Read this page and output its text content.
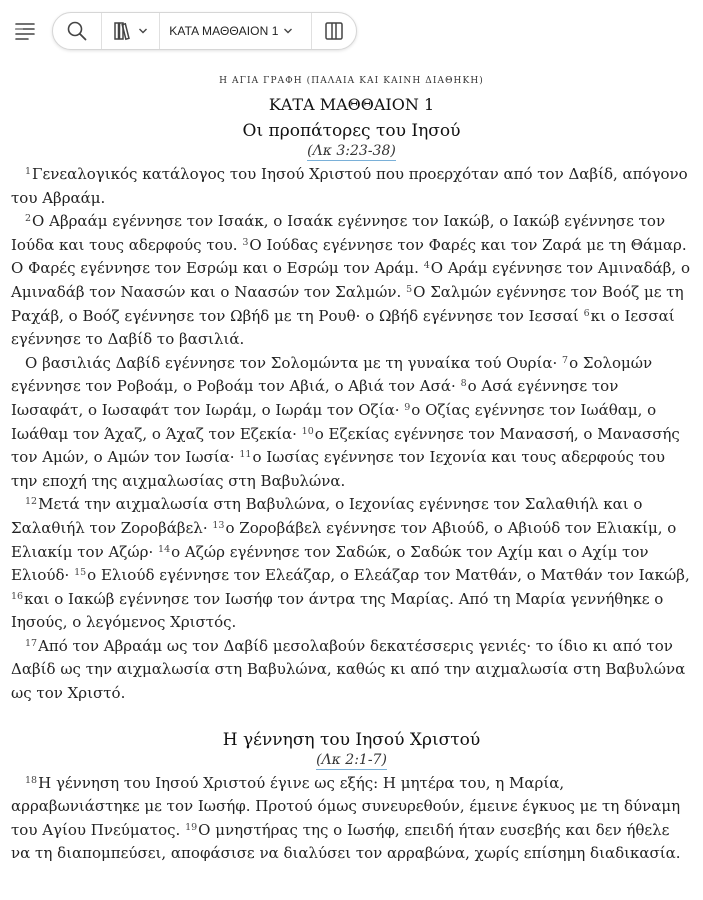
ΚΑΤΑ ΜΑΘΘΑΙΟΝ 1
Η ΑΓΙΑ ΓΡΑΦΗ (ΠΑΛΑΙΑ ΚΑΙ ΚΑΙΝΗ ΔΙΑΘΗΚΗ)
ΚΑΤΑ ΜΑΘΘΑΙΟΝ 1
Οι προπάτορες του Ιησού
(Λκ 3:23-38)

$^1$Γενεαλογικός κατάλογος του Ιησού Χριστού που προερχόταν από τον Δαβίδ, απόγονο του Αβραάμ.

$^2$Ο Αβραάμ εγέννησε τον Ισαάκ, ο Ισαάκ εγέννησε τον Ιακώβ, ο Ιακώβ εγέννησε τον Ιούδα και τους αδερφούς του. $^3$Ο Ιούδας εγέννησε τον Φαρές και τον Ζαρά με τη Θάμαρ. Ο Φαρές εγέννησε τον Εσρώμ και ο Εσρώμ τον Αράμ. $^4$Ο Αράμ εγέννησε τον Αμιναδάβ, ο Αμιναδάβ τον Ναασών και ο Ναασών τον Σαλμών. $^5$Ο Σαλμών εγέννησε τον Βοόζ με τη Ραχάβ, ο Βοόζ εγέννησε τον Ωβήδ με τη Ρουθ· ο Ωβήδ εγέννησε τον Ιεσσαί $^6$κι ο Ιεσσαί εγέννησε το Δαβίδ το βασιλιά.

Ο βασιλιάς Δαβίδ εγέννησε τον Σολομώντα με τη γυναίκα τού Ουρία· $^7$ο Σολομών εγέννησε τον Ροβοάμ, ο Ροβοάμ τον Αβιά, ο Αβιά τον Ασά· $^8$ο Ασά εγέννησε τον Ιωσαφάτ, ο Ιωσαφάτ τον Ιωράμ, ο Ιωράμ τον Οζία· $^9$ο Οζίας εγέννησε τον Ιωάθαμ, ο Ιωάθαμ τον Άχαζ, ο Άχαζ τον Εζεκία· $^{10}$ο Εζεκίας εγέννησε τον Μανασσή, ο Μανασσής τον Αμών, ο Αμών τον Ιωσία· $^{11}$ο Ιωσίας εγέννησε τον Ιεχονία και τους αδερφούς του την εποχή της αιχμαλωσίας στη Βαβυλώνα.

$^{12}$Μετά την αιχμαλωσία στη Βαβυλώνα, ο Ιεχονίας εγέννησε τον Σαλαθιήλ και ο Σαλαθιήλ τον Ζοροβάβελ· $^{13}$ο Ζοροβάβελ εγέννησε τον Αβιούδ, ο Αβιούδ τον Ελιακίμ, ο Ελιακίμ τον Αζώρ· $^{14}$ο Αζώρ εγέννησε τον Σαδώκ, ο Σαδώκ τον Αχίμ και ο Αχίμ τον Ελιούδ· $^{15}$ο Ελιούδ εγέννησε τον Ελεάζαρ, ο Ελεάζαρ τον Ματθάν, ο Ματθάν τον Ιακώβ, $^{16}$και ο Ιακώβ εγέννησε τον Ιωσήφ τον άντρα της Μαρίας. Από τη Μαρία γεννήθηκε ο Ιησούς, ο λεγόμενος Χριστός.

$^{17}$Από τον Αβραάμ ως τον Δαβίδ μεσολαβούν δεκατέσσερις γενιές· το ίδιο κι από τον Δαβίδ ως την αιχμαλωσία στη Βαβυλώνα, καθώς κι από την αιχμαλωσία στη Βαβυλώνα ως τον Χριστό.

Η γέννηση του Ιησού Χριστού
(Λκ 2:1-7)

$^{18}$Η γέννηση του Ιησού Χριστού έγινε ως εξής: Η μητέρα του, η Μαρία, αρραβωνιάστηκε με τον Ιωσήφ. Προτού όμως συνευρεθούν, έμεινε έγκυος με τη δύναμη του Αγίου Πνεύματος. $^{19}$Ο μνηστήρας της ο Ιωσήφ, επειδή ήταν ευσεβής και δεν ήθελε να τη διαπομπεύσει, αποφάσισε να διαλύσει τον αρραβώνα, χωρίς επίσημη διαδικασία.
